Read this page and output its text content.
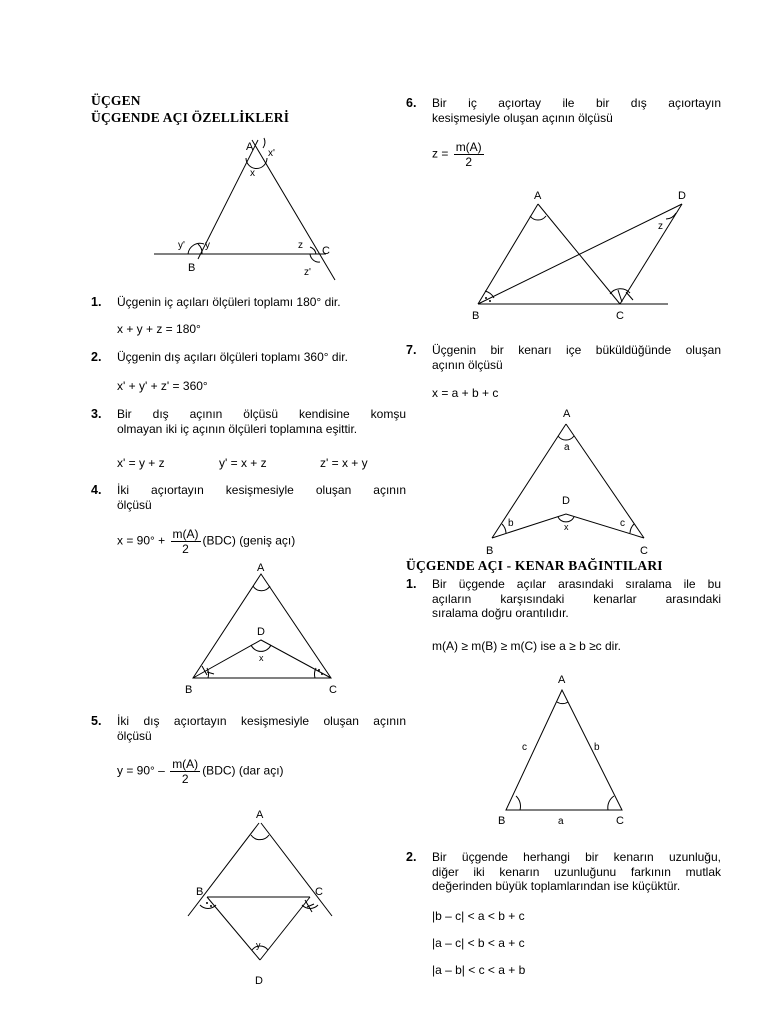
ÜÇGEN
ÜÇGENDE AÇI ÖZELLİKLERİ
A
x'
x
y' y
B
z C
z'
1. Üçgenin iç açıları ölçüleri toplamı 180° dir.
x + y + z = 180°
2. Üçgenin dış açıları ölçüleri toplamı 360° dir.
x' + y' + z' = 360°
3. Bir dış açının ölçüsü kendisine komşu
olmayan iki iç açının ölçüleri toplamına eşittir.
x' = y + z	y' = x + z	z' = x + y
4. İki açıortayın kesişmesiyle oluşan açının
ölçüsü
$x = 90^\circ + \frac{m(A)}{2} (BDC)$ (geniş açı)
A
D
x
B	C
5. İki dış açıortayın kesişmesiyle oluşan açının
ölçüsü
$y = 90^\circ - \frac{m(A)}{2} (BDC)$ (dar açı)
A
B	C
y
D
6. Bir iç açıortay ile bir dış açıortayın
kesişmesiyle oluşan açının ölçüsü
$z = \frac{m(A)}{2}$
A	D
z
B	C
7. Üçgenin bir kenarı içe büküldüğünde oluşan
açının ölçüsü
x = a + b + c
A
a
D
x
b	c
B	C
ÜÇGENDE AÇI - KENAR BAĞINTILARI
1. Bir üçgende açılar arasındaki sıralama ile bu
açıların karşısındaki kenarlar arasındaki
sıralama doğru orantılıdır.
m(A) ≥ m(B) ≥ m(C) ise a ≥ b ≥c dir.
A
c	b
B	a	C
2. Bir üçgende herhangi bir kenarın uzunluğu,
diğer iki kenarın uzunluğunu farkının mutlak
değerinden büyük toplamlarından ise küçüktür.
|b – c| < a < b + c
|a – c| < b < a + c
|a – b| < c < a + b
